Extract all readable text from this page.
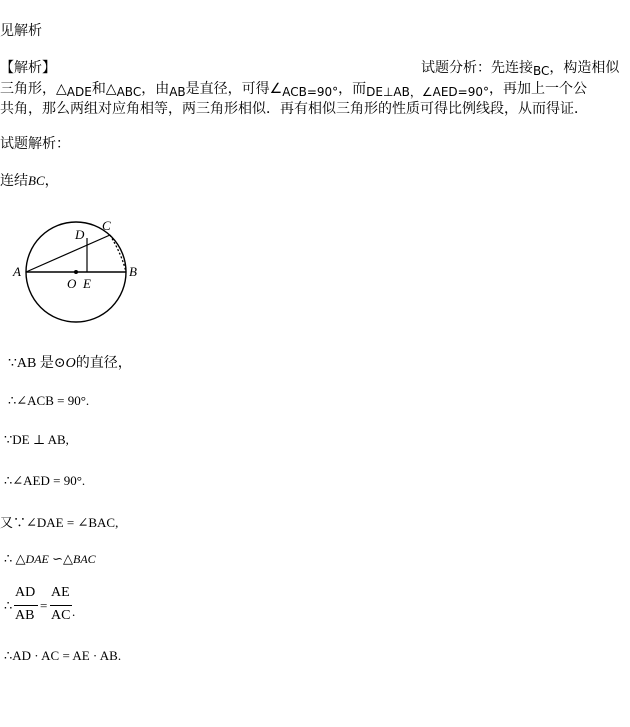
见解析
【解析】	试题分析：先连接BC，构造相似
三角形，△ADE和△ABC，由AB是直径，可得∠ACB=90°，而DE⊥AB，∠AED=90°，再加上一个公
共角，那么两组对应角相等，两三角形相似．再有相似三角形的性质可得比例线段，从而得证．
试题解析：
连结BC，
A	B
C
D
O E
∵AB 是⊙O的直径，
∴∠ACB = 90°.
∵DE ⊥ AB,
∴∠AED = 90°.
又∵∠DAE = ∠BAC,
∴ △DAE ∽△BAC
∴
AD
AB
=
AE
AC .
∴AD · AC = AE · AB.
